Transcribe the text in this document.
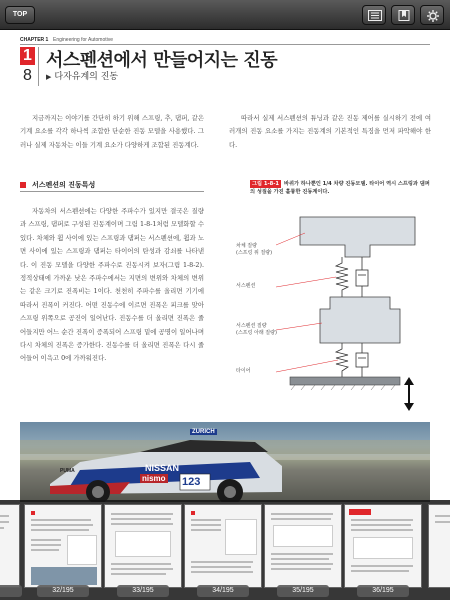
TOP
CHAPTER 1 Engineering for Automotive
1
8
서스펜션에서 만들어지는 진동
▶ 다자유계의 진동

지금까지는 이야기를 간단히 하기 위해 스프링, 추, 댐퍼, 같은 기계 요소를 각각 하나씩 조합한 단순한 진동 모델을 사용했다. 그러나 실제 자동차는 이들 기계 요소가 다양하게 조합된 진동계다.

따라서 실제 서스펜션의 튜닝과 같은 진동 제어를 실시하기 전에 여러개의 진동 요소를 가지는 진동계의 기본적인 특징을 먼저 파악해야 한다.

서스펜션의 진동특성

자동차의 서스펜션에는 다양한 주파수가 있지만 결국은 질량과 스프링, 댐퍼로 구성된 진동계이며 그림 1-8-1처럼 모델화할 수 있다. 차체와 휠 사이에 있는 스프링과 댐퍼는 서스펜션에, 휠과 노면 사이에 있는 스프링과 댐퍼는 타이어의 탄성과 감쇠를 나타낸다. 이 진동 모델을 다양한 주파수로 진동시켜 보자(그림 1-8-2). 정적상태에 가까운 낮은 주파수에서는 지면의 변위와 차체의 변위는 같은 크기로 진폭비는 1이다. 천천히 주파수를 올리면 기기에 따라서 진폭이 커진다. 어떤 진동수에 이르면 진폭은 피크를 맞아 스프링 위쪽으로 공진이 일어난다. 진동수를 더 올리면 진폭은 줄어들지만 어느 순간 진폭이 증폭되어 스프링 밑에 공명이 일어나며 다시 차체의 진폭은 증가한다. 진동수를 더 올리면 진폭은 다시 줄어들어 이윽고 0에 가까워진다.

그림 1-8-1 바퀴가 하나뿐인 1/4 차량 진동모델. 타이어 역시 스프링과 댐퍼의 성질을 가진 훌륭한 진동계이다.
차체 질량
(스프링 위 질량)
서스펜션
서스펜션 질량
(스프링 아래 질량)
타이어
ZURICH
NISSAN
nismo 123
PUMA
32/195	33/195	34/195	35/195	36/195
